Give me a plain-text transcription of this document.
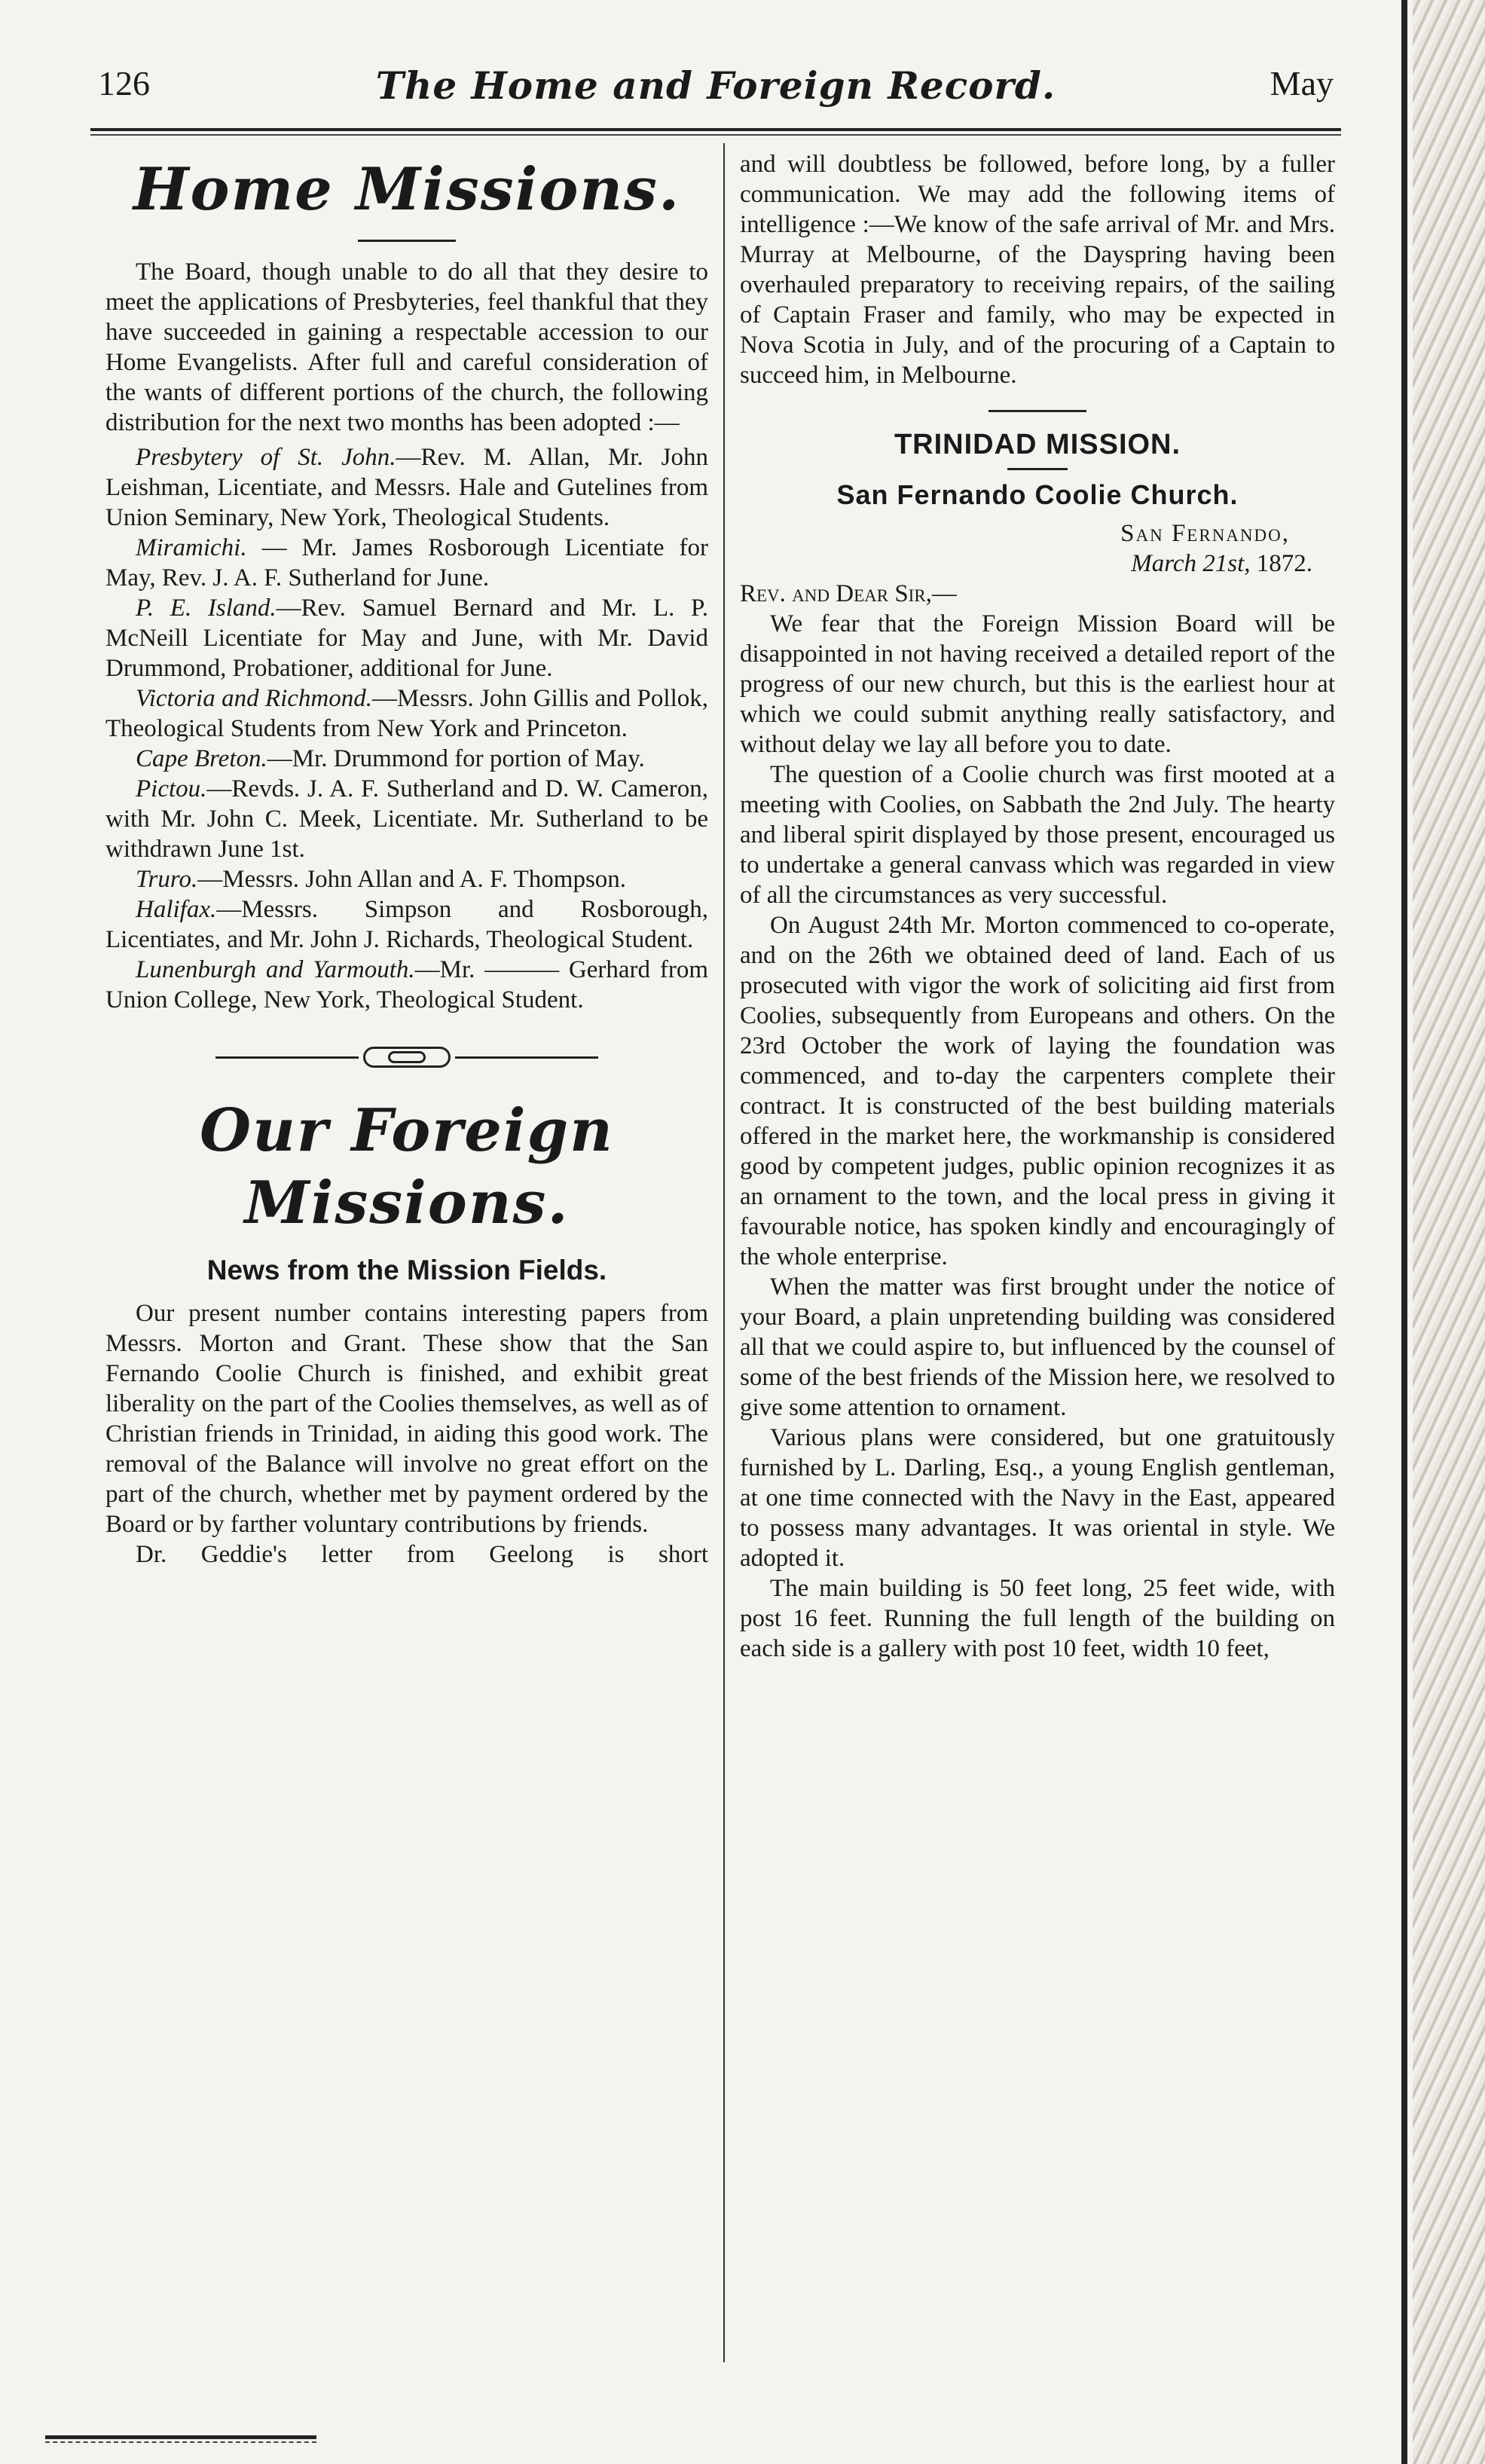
126	The Home and Foreign Record.	May
Home Missions.

The Board, though unable to do all that they desire to meet the applications of Presbyteries, feel thankful that they have succeeded in gaining a respectable accession to our Home Evangelists. After full and careful consideration of the wants of different portions of the church, the following distribution for the next two months has been adopted :—

Presbytery of St. John.—Rev. M. Allan, Mr. John Leishman, Licentiate, and Messrs. Hale and Gutelines from Union Seminary, New York, Theological Students.

Miramichi. — Mr. James Rosborough Licentiate for May, Rev. J. A. F. Sutherland for June.

P. E. Island.—Rev. Samuel Bernard and Mr. L. P. McNeill Licentiate for May and June, with Mr. David Drummond, Probationer, additional for June.

Victoria and Richmond.—Messrs. John Gillis and Pollok, Theological Students from New York and Princeton.

Cape Breton.—Mr. Drummond for portion of May.

Pictou.—Revds. J. A. F. Sutherland and D. W. Cameron, with Mr. John C. Meek, Licentiate. Mr. Sutherland to be withdrawn June 1st.

Truro.—Messrs. John Allan and A. F. Thompson.

Halifax.—Messrs. Simpson and Rosborough, Licentiates, and Mr. John J. Richards, Theological Student.

Lunenburgh and Yarmouth.—Mr. ——— Gerhard from Union College, New York, Theological Student.

Our Foreign Missions.
News from the Mission Fields.

Our present number contains interesting papers from Messrs. Morton and Grant. These show that the San Fernando Coolie Church is finished, and exhibit great liberality on the part of the Coolies themselves, as well as of Christian friends in Trinidad, in aiding this good work. The removal of the Balance will involve no great effort on the part of the church, whether met by payment ordered by the Board or by farther voluntary contributions by friends.

Dr. Geddie's letter from Geelong is short

and will doubtless be followed, before long, by a fuller communication. We may add the following items of intelligence :—We know of the safe arrival of Mr. and Mrs. Murray at Melbourne, of the Dayspring having been overhauled preparatory to receiving repairs, of the sailing of Captain Fraser and family, who may be expected in Nova Scotia in July, and of the procuring of a Captain to succeed him, in Melbourne.

TRINIDAD MISSION.
San Fernando Coolie Church.
San Fernando,
March 21st, 1872.

Rev. and Dear Sir,—

We fear that the Foreign Mission Board will be disappointed in not having received a detailed report of the progress of our new church, but this is the earliest hour at which we could submit anything really satisfactory, and without delay we lay all before you to date.

The question of a Coolie church was first mooted at a meeting with Coolies, on Sabbath the 2nd July. The hearty and liberal spirit displayed by those present, encouraged us to undertake a general canvass which was regarded in view of all the circumstances as very successful.

On August 24th Mr. Morton commenced to co-operate, and on the 26th we obtained deed of land. Each of us prosecuted with vigor the work of soliciting aid first from Coolies, subsequently from Europeans and others. On the 23rd October the work of laying the foundation was commenced, and to-day the carpenters complete their contract. It is constructed of the best building materials offered in the market here, the workmanship is considered good by competent judges, public opinion recognizes it as an ornament to the town, and the local press in giving it favourable notice, has spoken kindly and encouragingly of the whole enterprise.

When the matter was first brought under the notice of your Board, a plain unpretending building was considered all that we could aspire to, but influenced by the counsel of some of the best friends of the Mission here, we resolved to give some attention to ornament.

Various plans were considered, but one gratuitously furnished by L. Darling, Esq., a young English gentleman, at one time connected with the Navy in the East, appeared to possess many advantages. It was oriental in style. We adopted it.

The main building is 50 feet long, 25 feet wide, with post 16 feet. Running the full length of the building on each side is a gallery with post 10 feet, width 10 feet,
